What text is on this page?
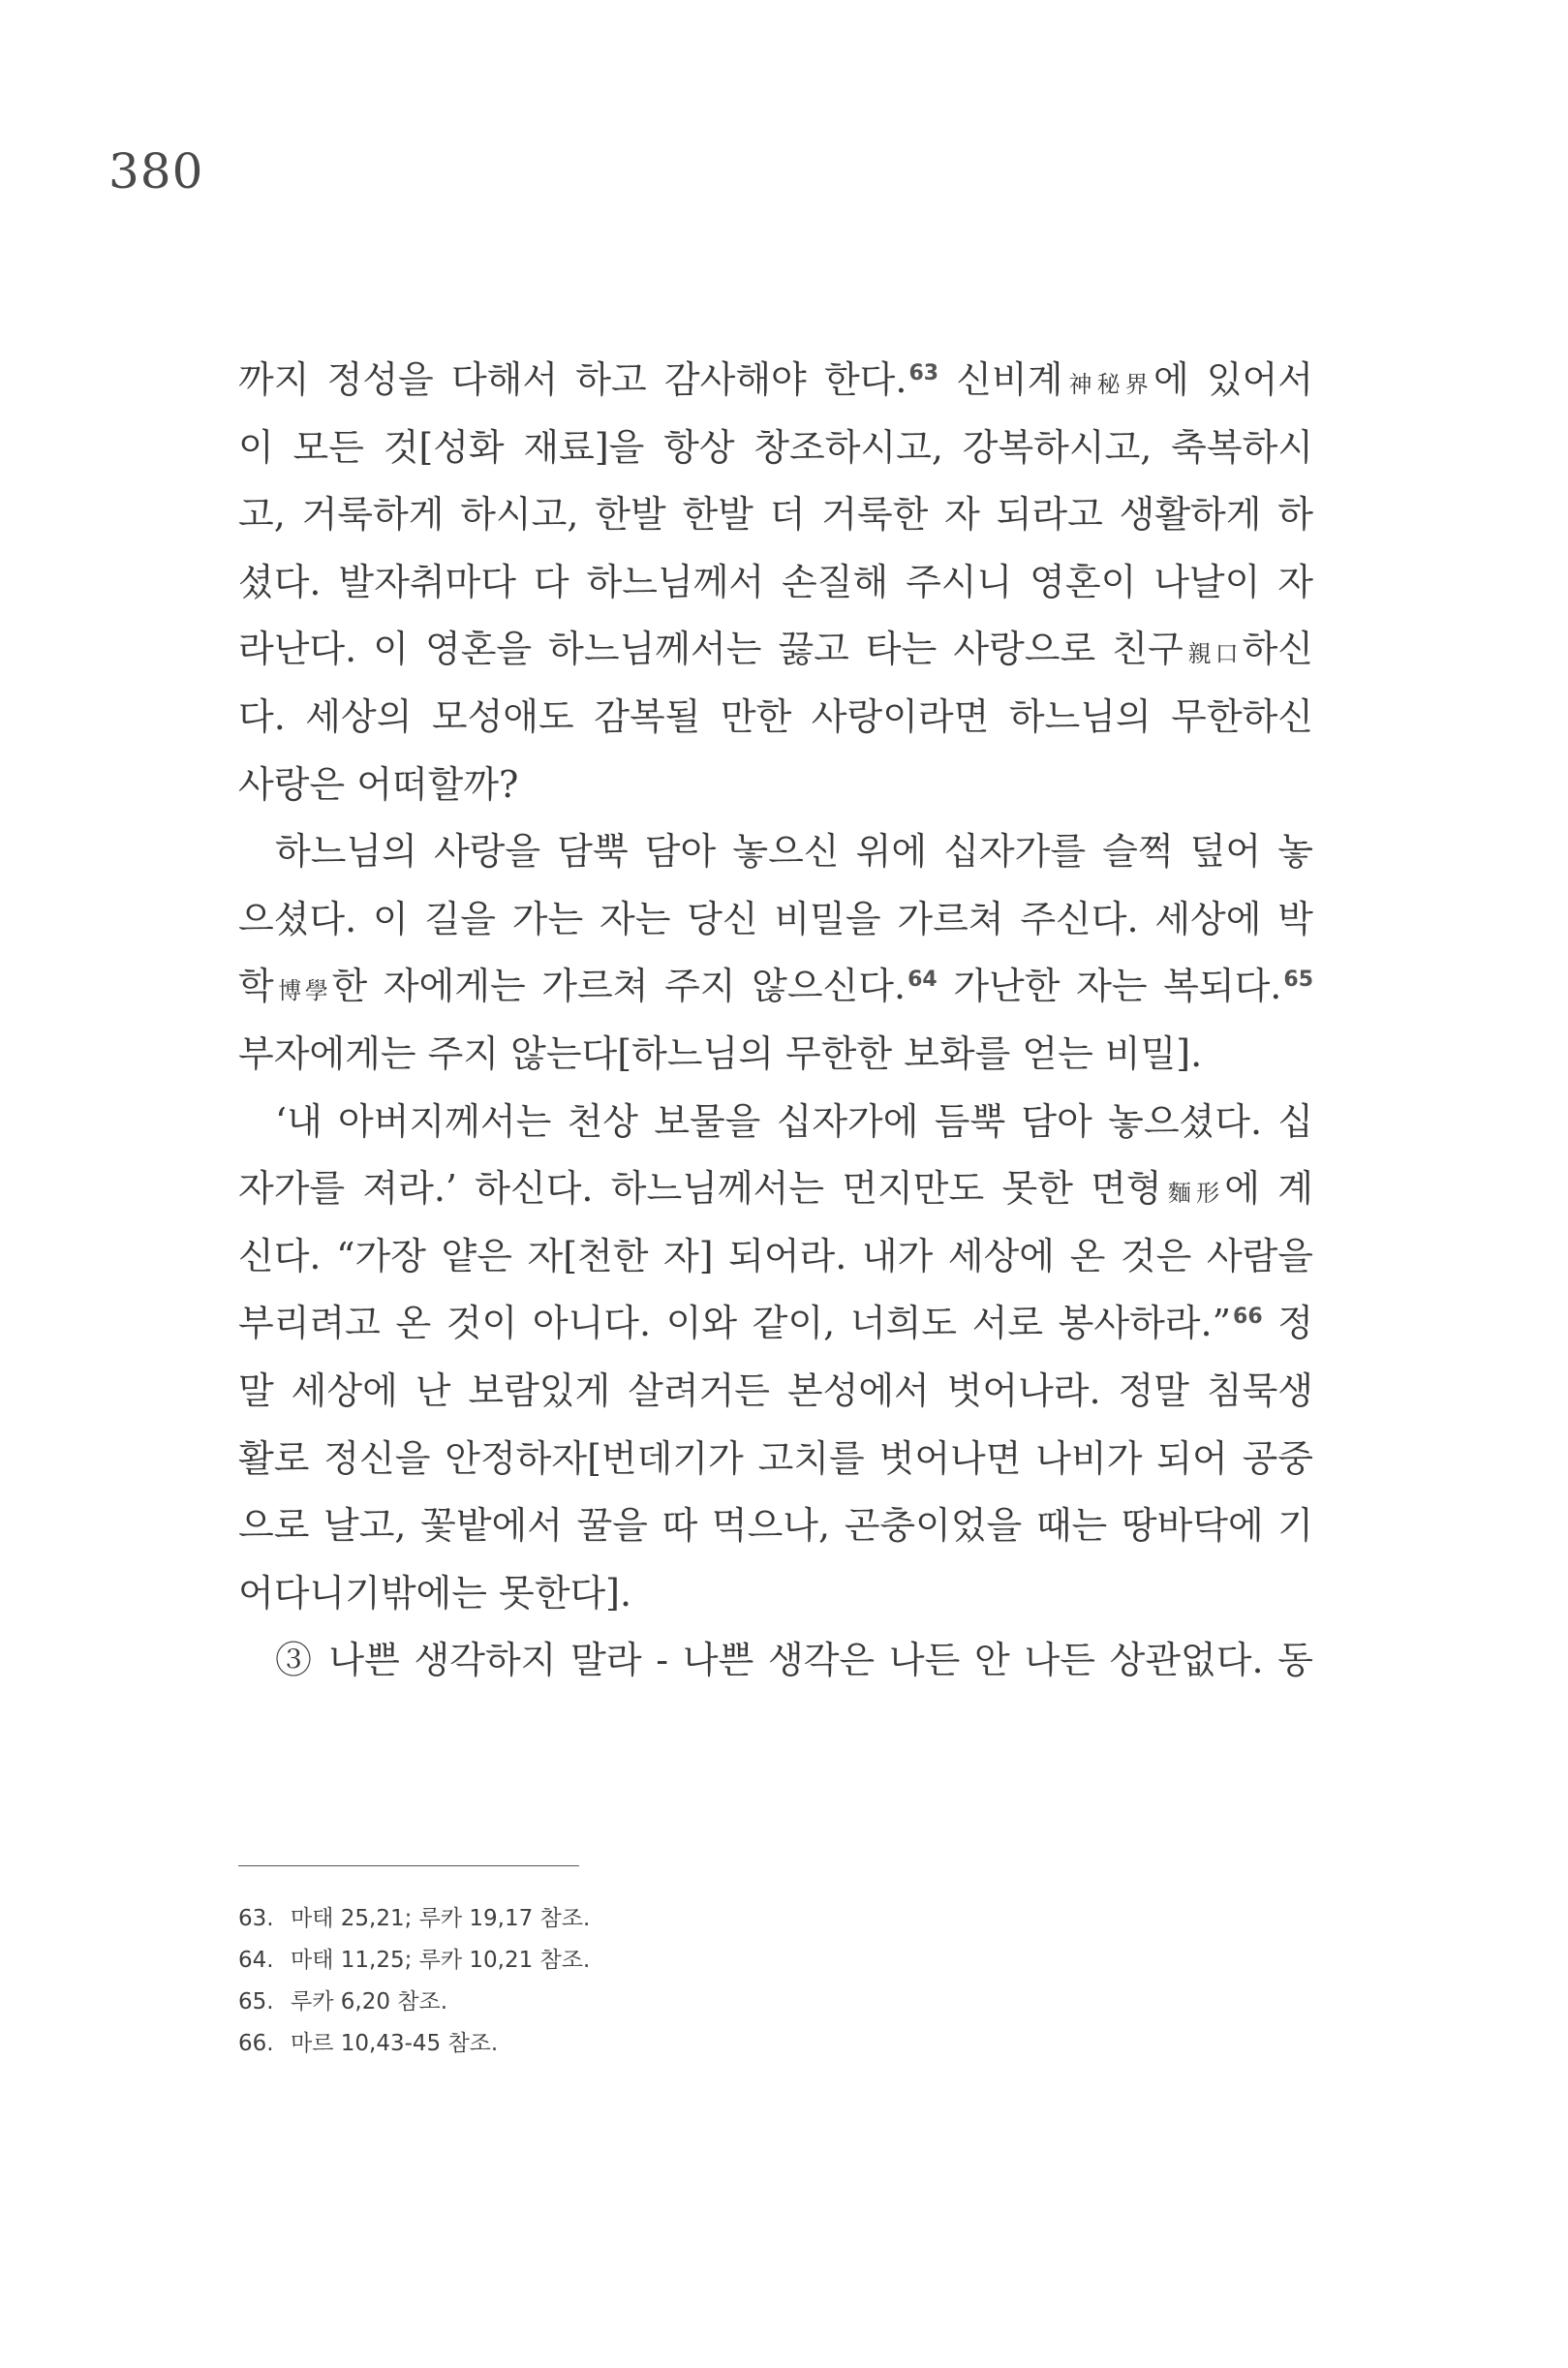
380
까지 정성을 다해서 하고 감사해야 한다.$^{63}$ 신비계神秘界에 있어서
이 모든 것[성화 재료]을 항상 창조하시고, 강복하시고, 축복하시
고, 거룩하게 하시고, 한발 한발 더 거룩한 자 되라고 생활하게 하
셨다. 발자취마다 다 하느님께서 손질해 주시니 영혼이 나날이 자
라난다. 이 영혼을 하느님께서는 끓고 타는 사랑으로 친구親口하신
다. 세상의 모성애도 감복될 만한 사랑이라면 하느님의 무한하신
사랑은 어떠할까?
하느님의 사랑을 담뿍 담아 놓으신 위에 십자가를 슬쩍 덮어 놓
으셨다. 이 길을 가는 자는 당신 비밀을 가르쳐 주신다. 세상에 박
학博學한 자에게는 가르쳐 주지 않으신다.$^{64}$ 가난한 자는 복되다.$^{65}$
부자에게는 주지 않는다[하느님의 무한한 보화를 얻는 비밀].
‘내 아버지께서는 천상 보물을 십자가에 듬뿍 담아 놓으셨다. 십
자가를 져라.’ 하신다. 하느님께서는 먼지만도 못한 면형麵形에 계
신다. “가장 얕은 자[천한 자] 되어라. 내가 세상에 온 것은 사람을
부리려고 온 것이 아니다. 이와 같이, 너희도 서로 봉사하라.”$^{66}$ 정
말 세상에 난 보람있게 살려거든 본성에서 벗어나라. 정말 침묵생
활로 정신을 안정하자[번데기가 고치를 벗어나면 나비가 되어 공중
으로 날고, 꽃밭에서 꿀을 따 먹으나, 곤충이었을 때는 땅바닥에 기
어다니기밖에는 못한다].
③ 나쁜 생각하지 말라 - 나쁜 생각은 나든 안 나든 상관없다. 동
63. 마태 25,21; 루카 19,17 참조.
64. 마태 11,25; 루카 10,21 참조.
65. 루카 6,20 참조.
66. 마르 10,43-45 참조.
